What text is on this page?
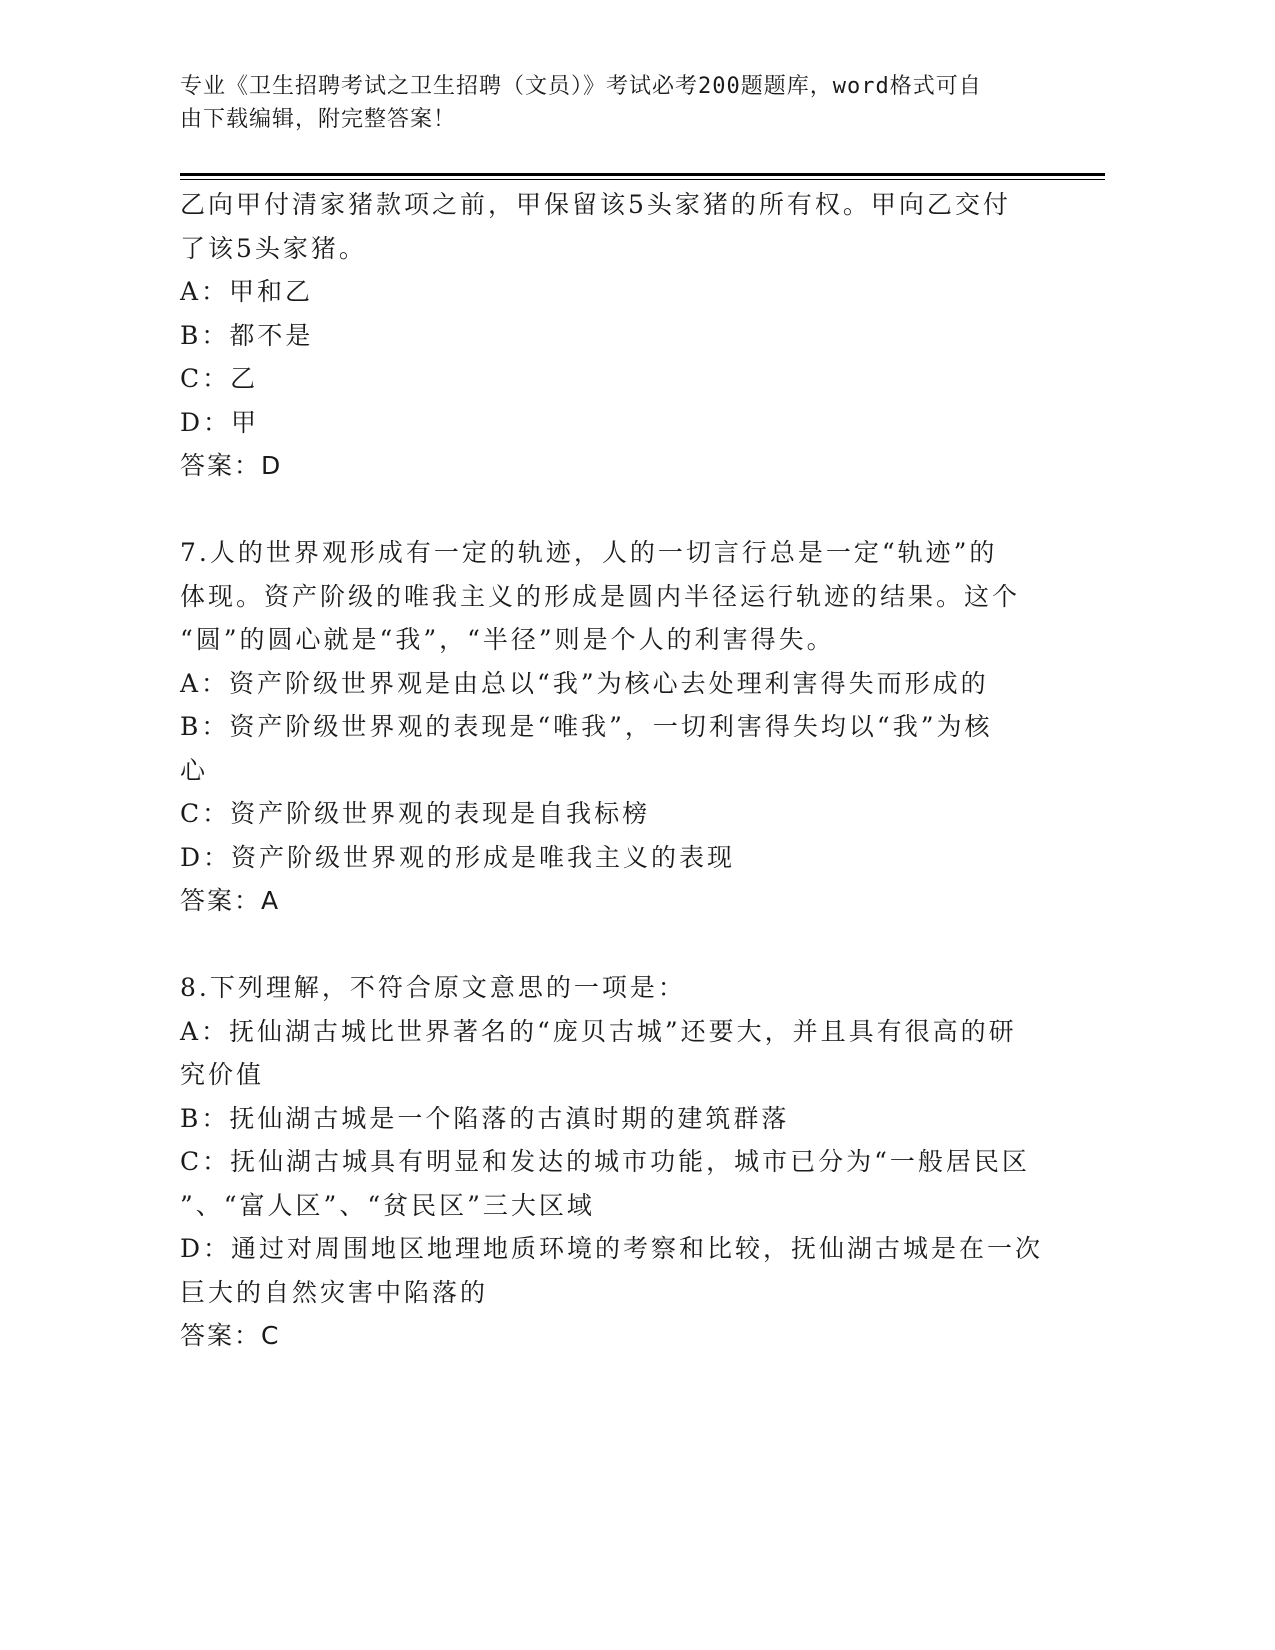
专业《卫生招聘考试之卫生招聘（文员）》考试必考200题题库，word格式可自
由下载编辑，附完整答案！

乙向甲付清家猪款项之前，甲保留该5头家猪的所有权。甲向乙交付

了该5头家猪。

A：甲和乙

B：都不是

C：乙

D：甲

答案：D

7.人的世界观形成有一定的轨迹，人的一切言行总是一定“轨迹”的

体现。资产阶级的唯我主义的形成是圆内半径运行轨迹的结果。这个

“圆”的圆心就是“我”，“半径”则是个人的利害得失。

A：资产阶级世界观是由总以“我”为核心去处理利害得失而形成的

B：资产阶级世界观的表现是“唯我”，一切利害得失均以“我”为核

心

C：资产阶级世界观的表现是自我标榜

D：资产阶级世界观的形成是唯我主义的表现

答案：A

8.下列理解，不符合原文意思的一项是：

A：抚仙湖古城比世界著名的“庞贝古城”还要大，并且具有很高的研

究价值

B：抚仙湖古城是一个陷落的古滇时期的建筑群落

C：抚仙湖古城具有明显和发达的城市功能，城市已分为“一般居民区

”、“富人区”、“贫民区”三大区域

D：通过对周围地区地理地质环境的考察和比较，抚仙湖古城是在一次

巨大的自然灾害中陷落的

答案：C
